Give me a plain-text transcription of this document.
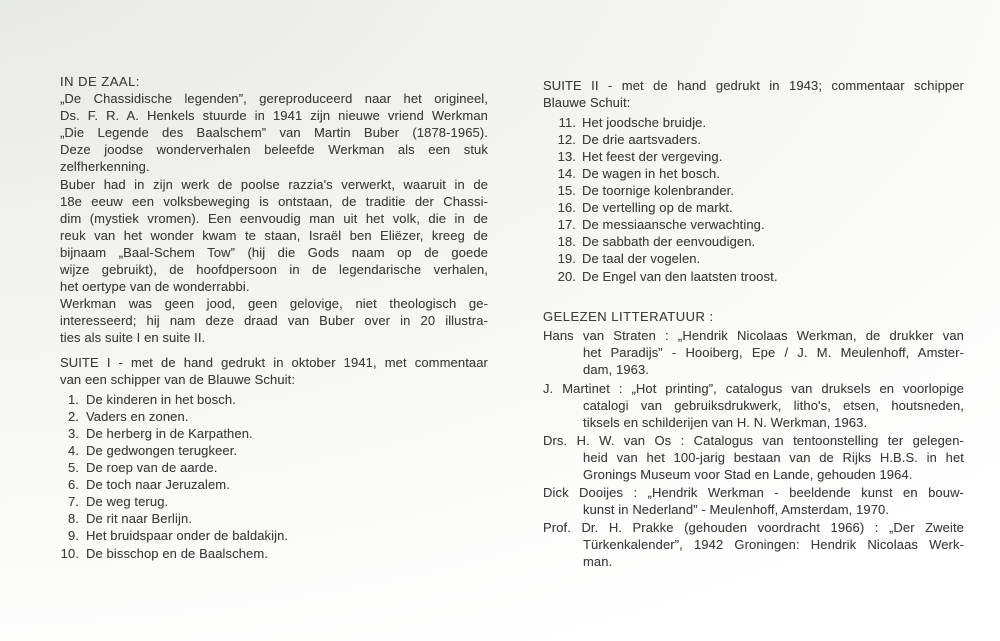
IN DE ZAAL:
„De Chassidische legenden”, gereproduceerd naar het origineel,
Ds. F. R. A. Henkels stuurde in 1941 zijn nieuwe vriend Werkman
„Die Legende des Baalschem” van Martin Buber (1878-1965).
Deze joodse wonderverhalen beleefde Werkman als een stuk
zelfherkenning.
Buber had in zijn werk de poolse razzia's verwerkt, waaruit in de
18e eeuw een volksbeweging is ontstaan, de traditie der Chassi-
dim (mystiek vromen). Een eenvoudig man uit het volk, die in de
reuk van het wonder kwam te staan, Israël ben Eliëzer, kreeg de
bijnaam „Baal-Schem Tow” (hij die Gods naam op de goede
wijze gebruikt), de hoofdpersoon in de legendarische verhalen,
het oertype van de wonderrabbi.
Werkman was geen jood, geen gelovige, niet theologisch ge-
interesseerd; hij nam deze draad van Buber over in 20 illustra-
ties als suite I en suite II.
SUITE I - met de hand gedrukt in oktober 1941, met commentaar
van een schipper van de Blauwe Schuit:
1. De kinderen in het bosch.
2. Vaders en zonen.
3. De herberg in de Karpathen.
4. De gedwongen terugkeer.
5. De roep van de aarde.
6. De toch naar Jeruzalem.
7. De weg terug.
8. De rit naar Berlijn.
9. Het bruidspaar onder de baldakijn.
10. De bisschop en de Baalschem.
SUITE II - met de hand gedrukt in 1943; commentaar schipper
Blauwe Schuit:
11. Het joodsche bruidje.
12. De drie aartsvaders.
13. Het feest der vergeving.
14. De wagen in het bosch.
15. De toornige kolenbrander.
16. De vertelling op de markt.
17. De messiaansche verwachting.
18. De sabbath der eenvoudigen.
19. De taal der vogelen.
20. De Engel van den laatsten troost.
GELEZEN LITTERATUUR :
Hans van Straten : „Hendrik Nicolaas Werkman, de drukker van
het Paradijs” - Hooiberg, Epe / J. M. Meulenhoff, Amster-
dam, 1963.
J. Martinet : „Hot printing”, catalogus van druksels en voorlopige
catalogi van gebruiksdrukwerk, litho's, etsen, houtsneden,
tiksels en schilderijen van H. N. Werkman, 1963.
Drs. H. W. van Os : Catalogus van tentoonstelling ter gelegen-
heid van het 100-jarig bestaan van de Rijks H.B.S. in het
Gronings Museum voor Stad en Lande, gehouden 1964.
Dick Dooijes : „Hendrik Werkman - beeldende kunst en bouw-
kunst in Nederland” - Meulenhoff, Amsterdam, 1970.
Prof. Dr. H. Prakke (gehouden voordracht 1966) : „Der Zweite
Türkenkalender”, 1942 Groningen: Hendrik Nicolaas Werk-
man.
